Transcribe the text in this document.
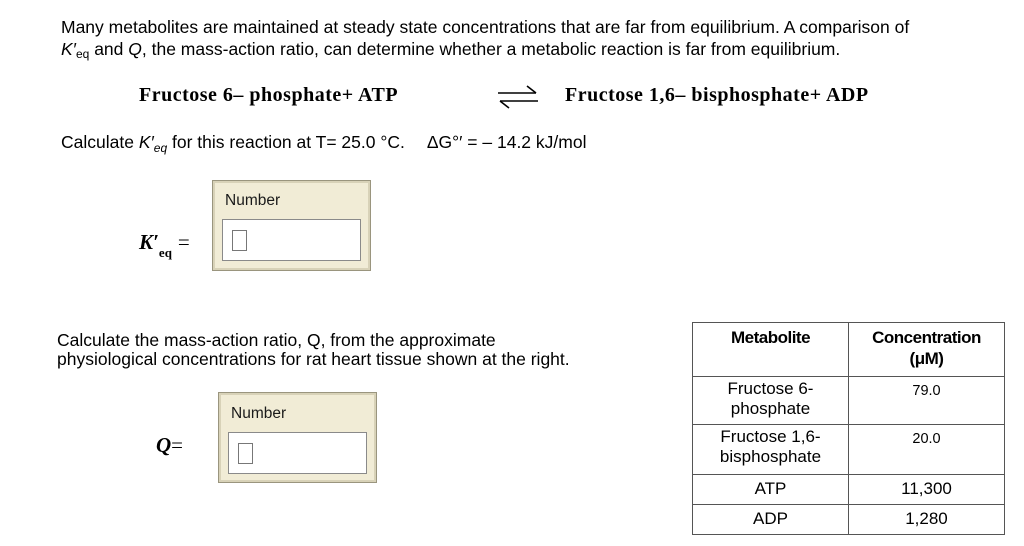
Many metabolites are maintained at steady state concentrations that are far from equilibrium. A comparison of
$K'_{eq}$ and Q, the mass-action ratio, can determine whether a metabolic reaction is far from equilibrium.
Fructose 6– phosphate+ ATP	⇌ Fructose 1,6– bisphosphate+ ADP
Calculate $K'_{eq}$ for this reaction at T= 25.0 °C. ΔG°′ = – 14.2 kJ/mol
$K'_{eq}$ =
Number
Calculate the mass-action ratio, Q, from the approximate
physiological concentrations for rat heart tissue shown at the right.
Q=
Number
Metabolite	Concentration
(μM)

Fructose 6-
phosphate	79.0

Fructose 1,6-
bisphosphate	20.0
ATP	11,300
ADP	1,280
